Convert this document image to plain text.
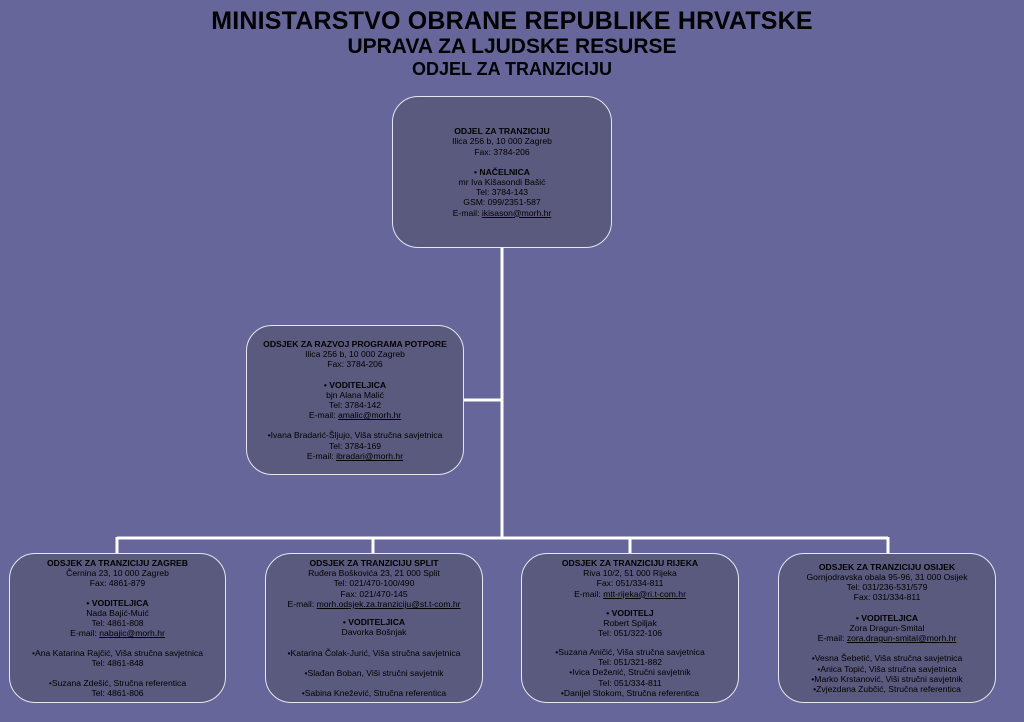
MINISTARSTVO OBRANE REPUBLIKE HRVATSKE
UPRAVA ZA LJUDSKE RESURSE
ODJEL ZA TRANZICIJU
ODJEL ZA TRANZICIJU
Ilica 256 b, 10 000 Zagreb
Fax: 3784-206
• NAČELNICA
mr Iva Kišasondi Bašić
Tel: 3784-143
GSM: 099/2351-587
E-mail: ikisason@morh.hr
ODSJEK ZA RAZVOJ PROGRAMA POTPORE
Ilica 256 b, 10 000 Zagreb
Fax: 3784-206
• VODITELJICA
bjn Alana Malić
Tel: 3784-142
E-mail: amalic@morh.hr
•Ivana Bradarić-Šljujo, Viša stručna savjetnica
Tel: 3784-169
E-mail: ibradari@morh.hr
ODSJEK ZA TRANZICIJU ZAGREB
Černina 23, 10 000 Zagreb
Fax: 4861-879
• VODITELJICA
Nada Bajić-Muić
Tel: 4861-808
E-mail: nabajic@morh.hr
•Ana Katarina Rajčić, Viša stručna savjetnica
Tel: 4861-848
•Suzana Zdešić, Stručna referentica
Tel: 4861-806
ODSJEK ZA TRANZICIJU SPLIT
Ruđera Boškovića 23, 21 000 Split
Tel: 021/470-100/490
Fax: 021/470-145
E-mail: morh.odsjek.za.tranziciju@st.t-com.hr
• VODITELJICA
Davorka Bošnjak
•Katarina Čolak-Jurić, Viša stručna savjetnica
•Slađan Boban, Viši stručni savjetnik
•Sabina Knežević, Stručna referentica
ODSJEK ZA TRANZICIJU RIJEKA
Riva 10/2, 51 000 Rijeka
Fax: 051/334-811
E-mail: mtt-rijeka@ri.t-com.hr
• VODITELJ
Robert Spiljak
Tel: 051/322-106
•Suzana Aničić, Viša stručna savjetnica
Tel: 051/321-882
•Ivica Dežелić, Stručni savjetnik
Tel: 051/334-811
•Danijel Stokom, Stručna referentica
ODSJEK ZA TRANZICIJU OSIJEK
Gornjodravska obala 95-96, 31 000 Osijek
Tel: 031/236-531/579
Fax: 031/334-811
• VODITELJICA
Zora Dragun-Smital
E-mail: zora.dragun-smital@morh.hr
•Vesna Šebetić, Viša stručna savjetnica
•Anica Topić, Viša stručna savjetnica
•Marko Krstanović, Viši stručni savjetnik
•Zvjezdana Zubčić, Stručna referentica
